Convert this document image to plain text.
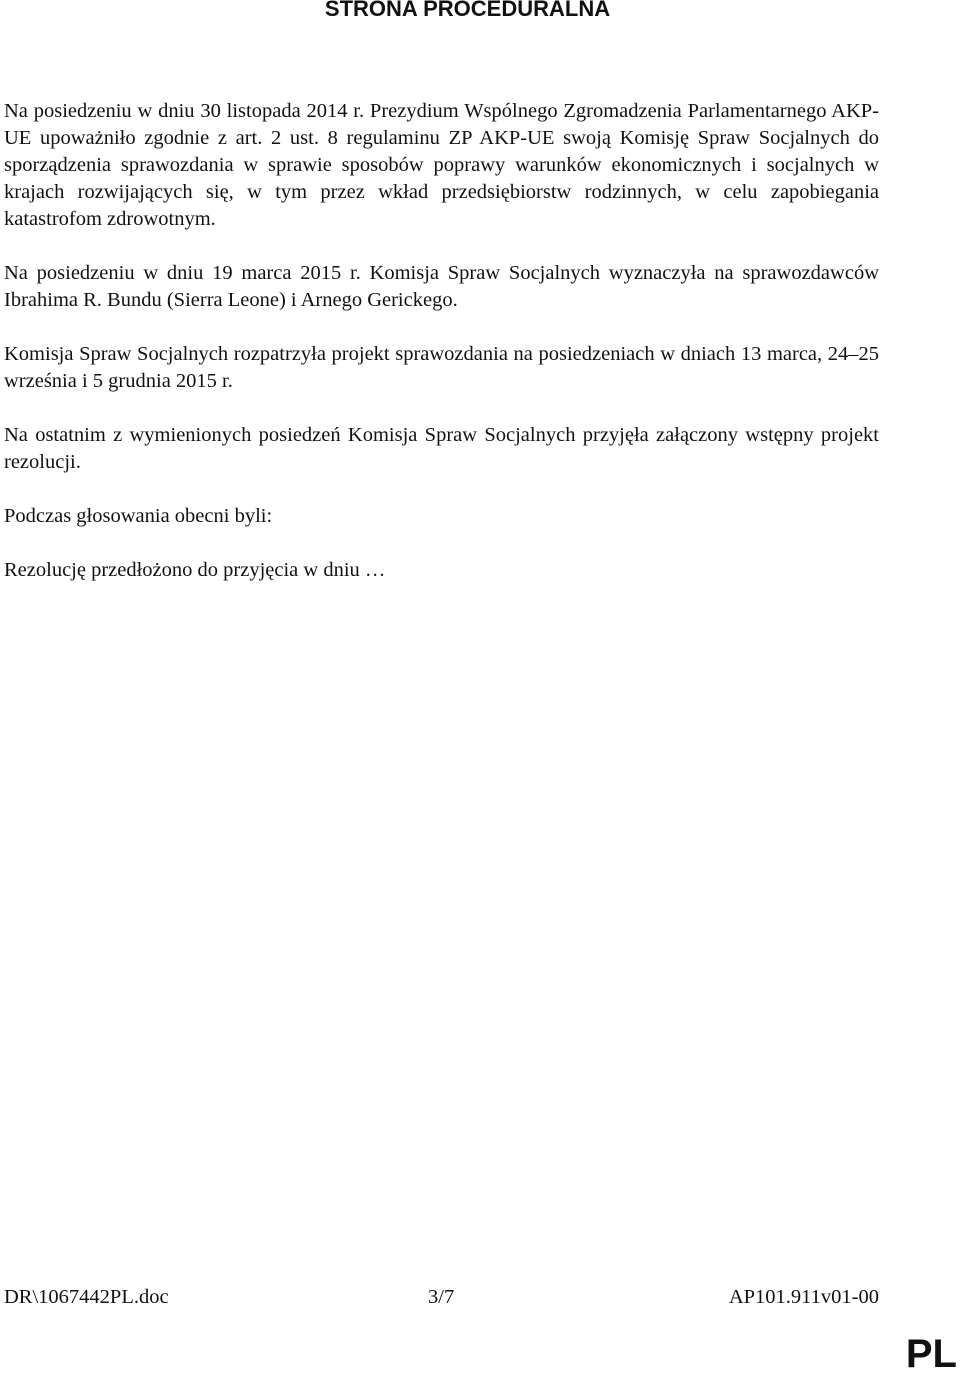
STRONA PROCEDURALNA

Na posiedzeniu w dniu 30 listopada 2014 r. Prezydium Wspólnego Zgromadzenia Parlamentarnego AKP-UE upoważniło zgodnie z art. 2 ust. 8 regulaminu ZP AKP-UE swoją Komisję Spraw Socjalnych do sporządzenia sprawozdania w sprawie sposobów poprawy warunków ekonomicznych i socjalnych w krajach rozwijających się, w tym przez wkład przedsiębiorstw rodzinnych, w celu zapobiegania katastrofom zdrowotnym.

Na posiedzeniu w dniu 19 marca 2015 r. Komisja Spraw Socjalnych wyznaczyła na sprawozdawców Ibrahima R. Bundu (Sierra Leone) i Arnego Gerickego.

Komisja Spraw Socjalnych rozpatrzyła projekt sprawozdania na posiedzeniach w dniach 13 marca, 24–25 września i 5 grudnia 2015 r.

Na ostatnim z wymienionych posiedzeń Komisja Spraw Socjalnych przyjęła załączony wstępny projekt rezolucji.

Podczas głosowania obecni byli:

Rezolucję przedłożono do przyjęcia w dniu …

DR\1067442PL.doc	3/7	AP101.911v01-00
PL
